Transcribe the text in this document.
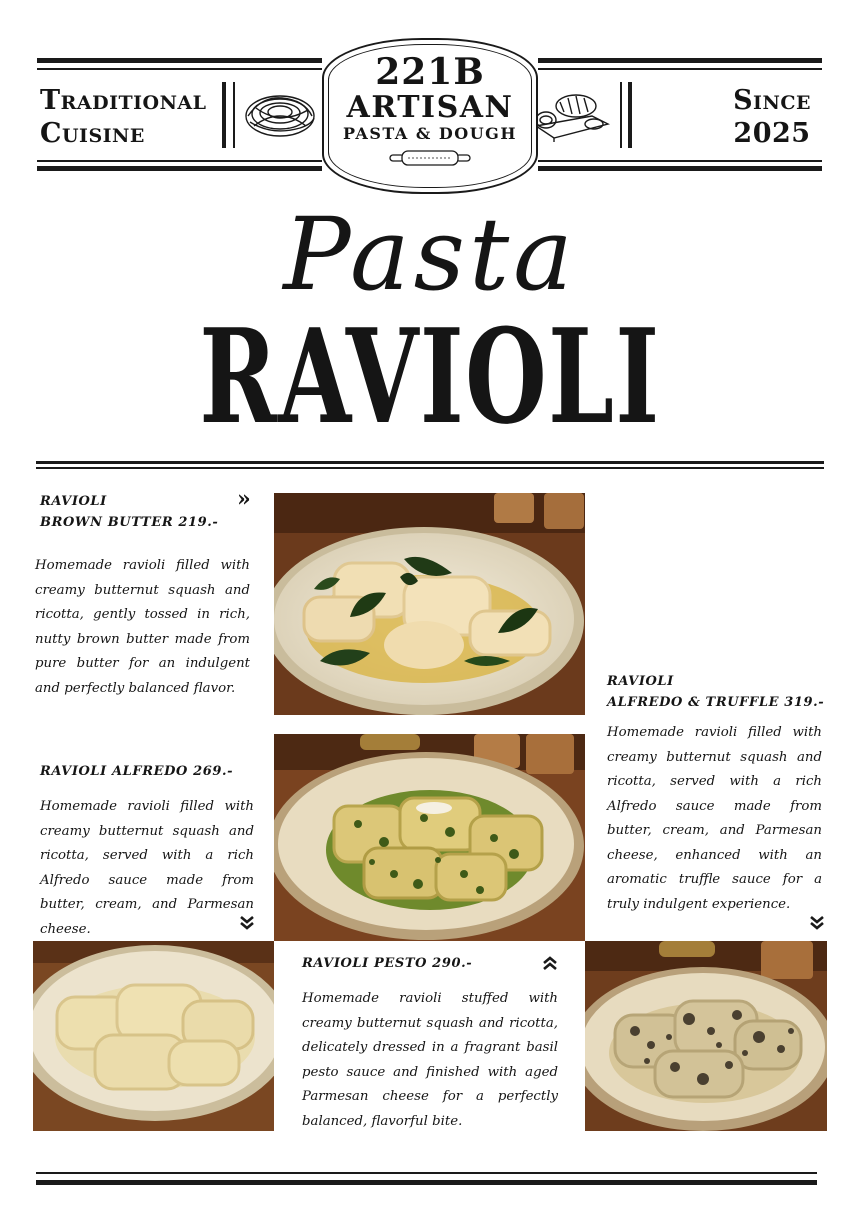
Traditional
Cuisine
Since
2025
221B
ARTISAN
PASTA & DOUGH
Pasta
RAVIOLI
RAVIOLI
BROWN BUTTER 219.-
»
Homemade ravioli filled with creamy butternut squash and ricotta, gently tossed in rich, nutty brown butter made from pure butter for an indulgent and perfectly balanced flavor.	RAVIOLI
ALFREDO & TRUFFLE 319.-
Homemade ravioli filled with creamy butternut squash and ricotta, served with a rich Alfredo sauce made from butter, cream, and Parmesan cheese, enhanced with an aromatic truffle sauce for a truly indulgent experience.
RAVIOLI ALFREDO 269.-
Homemade ravioli filled with creamy butternut squash and ricotta, served with a rich Alfredo sauce made from butter, cream, and Parmesan cheese.
RAVIOLI PESTO 290.-
Homemade ravioli stuffed with creamy butternut squash and ricotta, delicately dressed in a fragrant basil pesto sauce and finished with aged Parmesan cheese for a perfectly balanced, flavorful bite.
